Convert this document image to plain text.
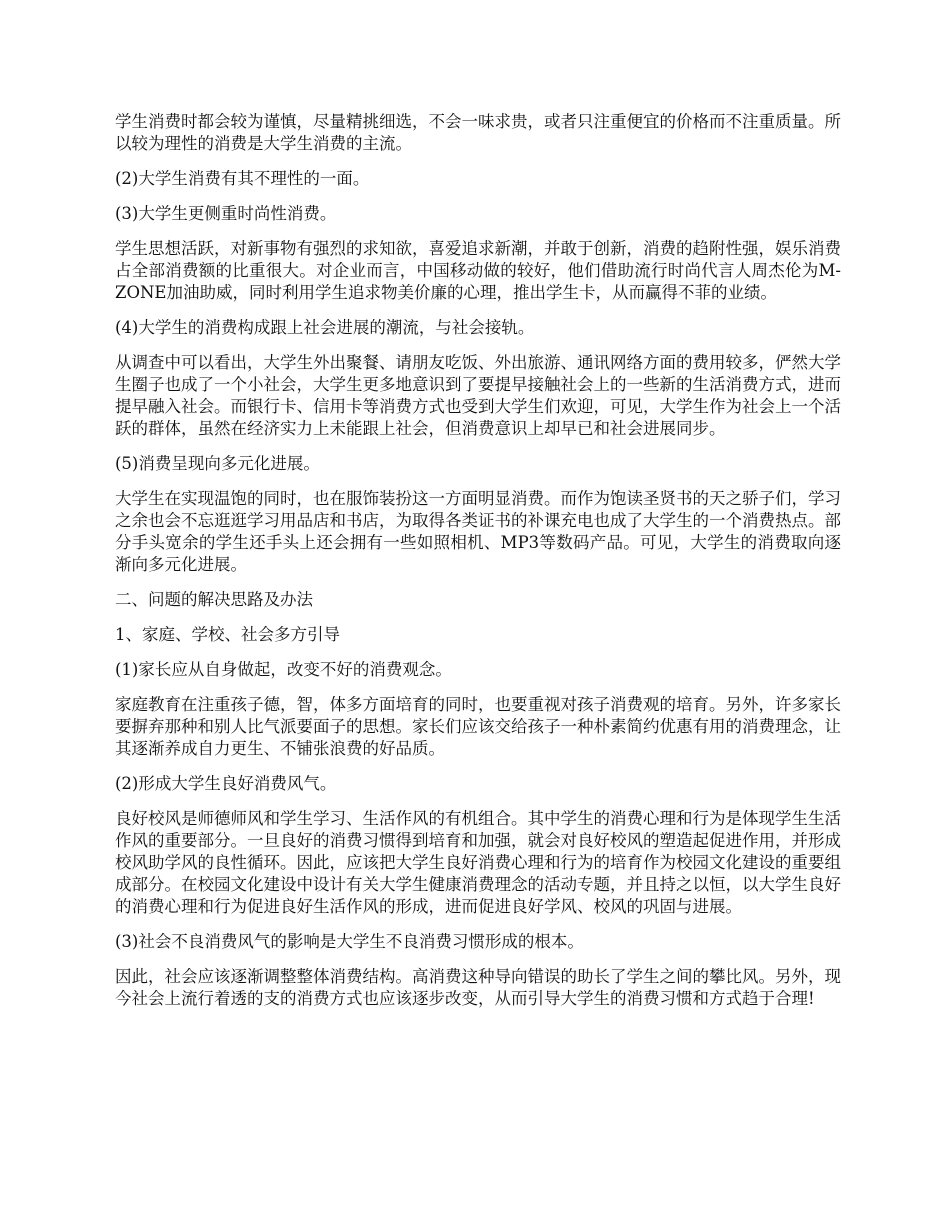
学生消费时都会较为谨慎，尽量精挑细选，不会一味求贵，或者只注重便宜的价格而不注重质量。所以较为理性的消费是大学生消费的主流。

(2)大学生消费有其不理性的一面。

(3)大学生更侧重时尚性消费。

学生思想活跃，对新事物有强烈的求知欲，喜爱追求新潮，并敢于创新，消费的趋附性强，娱乐消费占全部消费额的比重很大。对企业而言，中国移动做的较好，他们借助流行时尚代言人周杰伦为M-ZONE加油助威，同时利用学生追求物美价廉的心理，推出学生卡，从而赢得不菲的业绩。

(4)大学生的消费构成跟上社会进展的潮流，与社会接轨。

从调查中可以看出，大学生外出聚餐、请朋友吃饭、外出旅游、通讯网络方面的费用较多，俨然大学生圈子也成了一个小社会，大学生更多地意识到了要提早接触社会上的一些新的生活消费方式，进而提早融入社会。而银行卡、信用卡等消费方式也受到大学生们欢迎，可见，大学生作为社会上一个活跃的群体，虽然在经济实力上未能跟上社会，但消费意识上却早已和社会进展同步。

(5)消费呈现向多元化进展。

大学生在实现温饱的同时，也在服饰装扮这一方面明显消费。而作为饱读圣贤书的天之骄子们，学习之余也会不忘逛逛学习用品店和书店，为取得各类证书的补课充电也成了大学生的一个消费热点。部分手头宽余的学生还手头上还会拥有一些如照相机、MP3等数码产品。可见，大学生的消费取向逐渐向多元化进展。

二、问题的解决思路及办法

1、家庭、学校、社会多方引导

(1)家长应从自身做起，改变不好的消费观念。

家庭教育在注重孩子德，智，体多方面培育的同时，也要重视对孩子消费观的培育。另外，许多家长要摒弃那种和别人比气派要面子的思想。家长们应该交给孩子一种朴素简约优惠有用的消费理念，让其逐渐养成自力更生、不铺张浪费的好品质。

(2)形成大学生良好消费风气。

良好校风是师德师风和学生学习、生活作风的有机组合。其中学生的消费心理和行为是体现学生生活作风的重要部分。一旦良好的消费习惯得到培育和加强，就会对良好校风的塑造起促进作用，并形成校风助学风的良性循环。因此，应该把大学生良好消费心理和行为的培育作为校园文化建设的重要组成部分。在校园文化建设中设计有关大学生健康消费理念的活动专题，并且持之以恒，以大学生良好的消费心理和行为促进良好生活作风的形成，进而促进良好学风、校风的巩固与进展。

(3)社会不良消费风气的影响是大学生不良消费习惯形成的根本。

因此，社会应该逐渐调整整体消费结构。高消费这种导向错误的助长了学生之间的攀比风。另外，现今社会上流行着透的支的消费方式也应该逐步改变，从而引导大学生的消费习惯和方式趋于合理!
